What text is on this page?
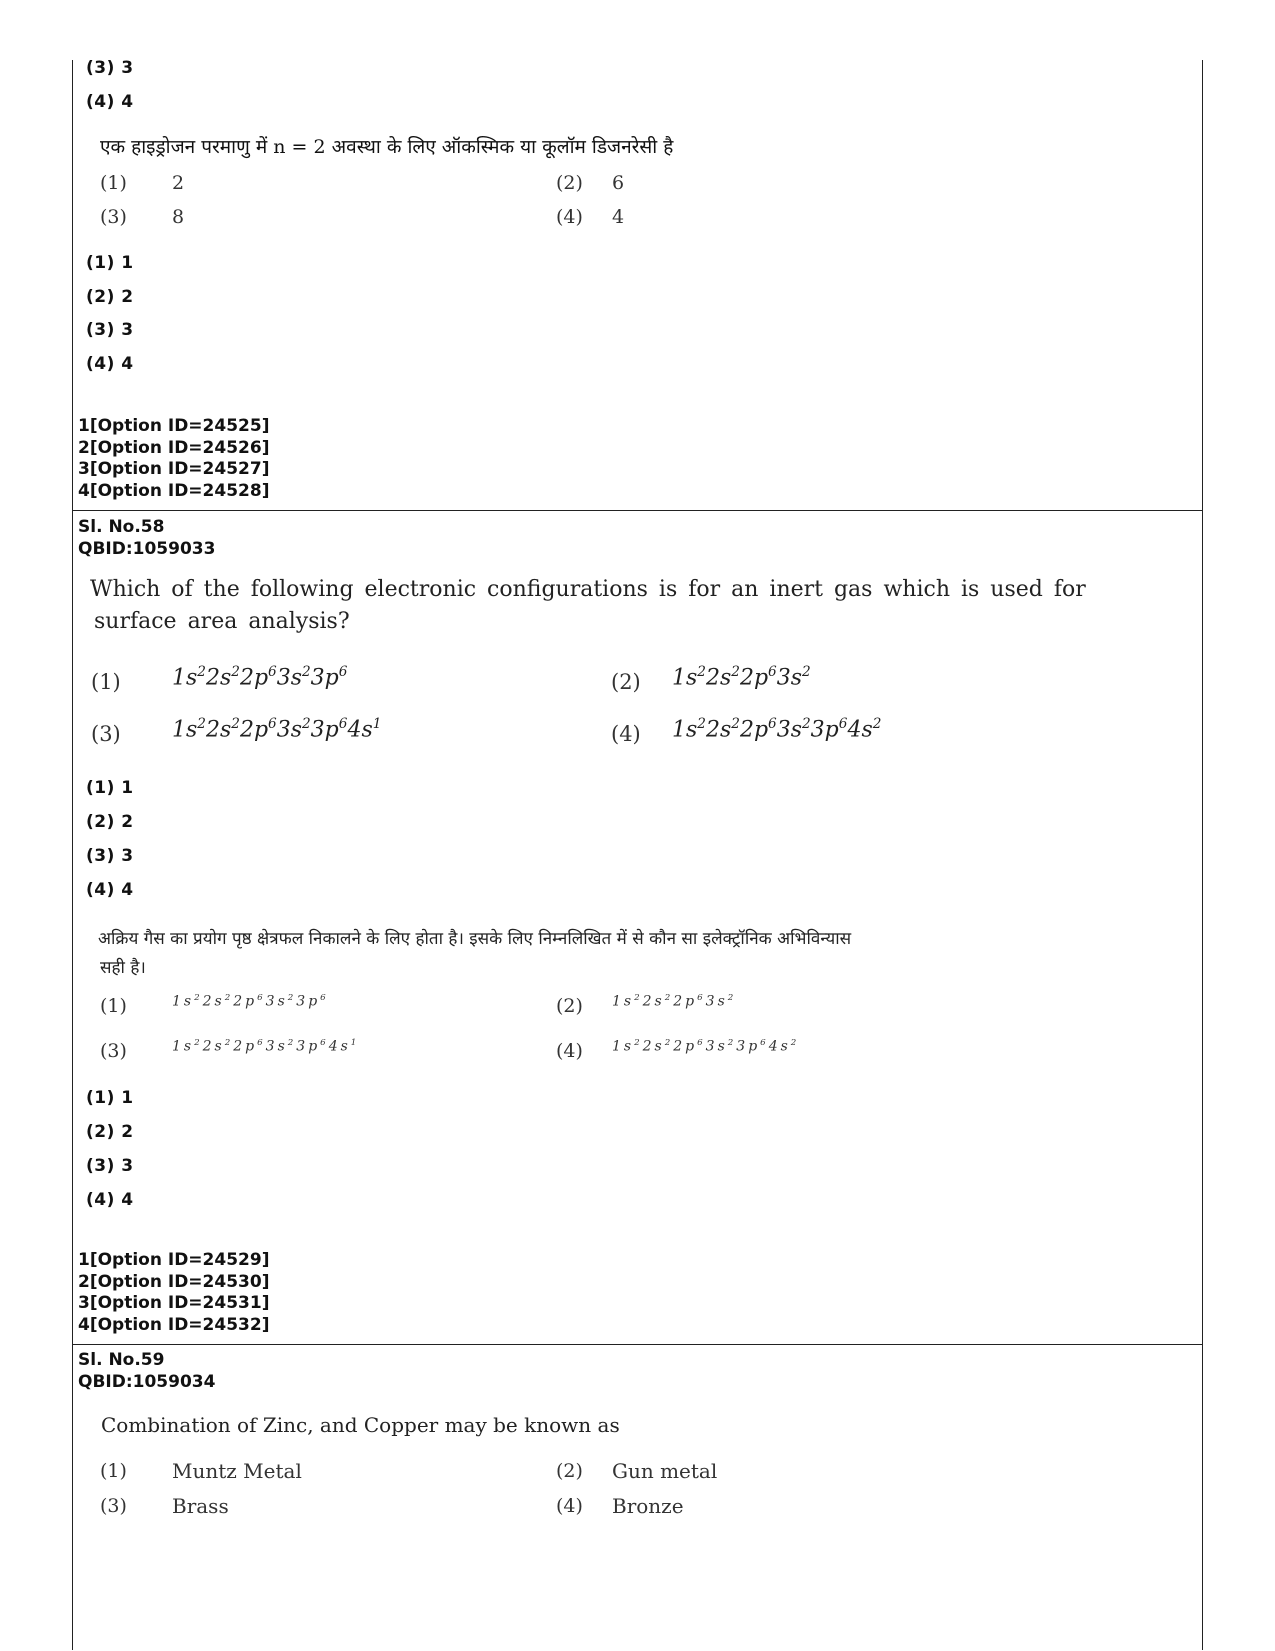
(3) 3
(4) 4
एक हाइड्रोजन परमाणु में n = 2 अवस्था के लिए ऑकस्मिक या कूलॉम डिजनरेसी है
(1) 2	(2) 6
(3) 8	(4) 4
(1) 1
(2) 2
(3) 3
(4) 4
1[Option ID=24525]
2[Option ID=24526]
3[Option ID=24527]
4[Option ID=24528]
Sl. No.58
QBID:1059033
Which of the following electronic configurations is for an inert gas which is used for
surface area analysis?
(1) $1s^22s^22p^63s^23p^6$	(2) $1s^22s^22p^63s^2$
(3) $1s^22s^22p^63s^23p^64s^1$	(4) $1s^22s^22p^63s^23p^64s^2$
(1) 1
(2) 2
(3) 3
(4) 4
अक्रिय गैस का प्रयोग पृष्ठ क्षेत्रफल निकालने के लिए होता है। इसके लिए निम्नलिखित में से कौन सा इलेक्ट्रॉनिक अभिविन्यास
सही है।
(1)	$1s^22s^22p^63s^23p^6$	(2) $1s^22s^22p^63s^2$
(3)	$1s^22s^22p^63s^23p^64s^1$	(4) $1s^22s^22p^63s^23p^64s^2$
(1) 1
(2) 2
(3) 3
(4) 4
1[Option ID=24529]
2[Option ID=24530]
3[Option ID=24531]
4[Option ID=24532]
Sl. No.59
QBID:1059034
Combination of Zinc, and Copper may be known as
(1) Muntz Metal	(2) Gun metal
(3) Brass	(4) Bronze
